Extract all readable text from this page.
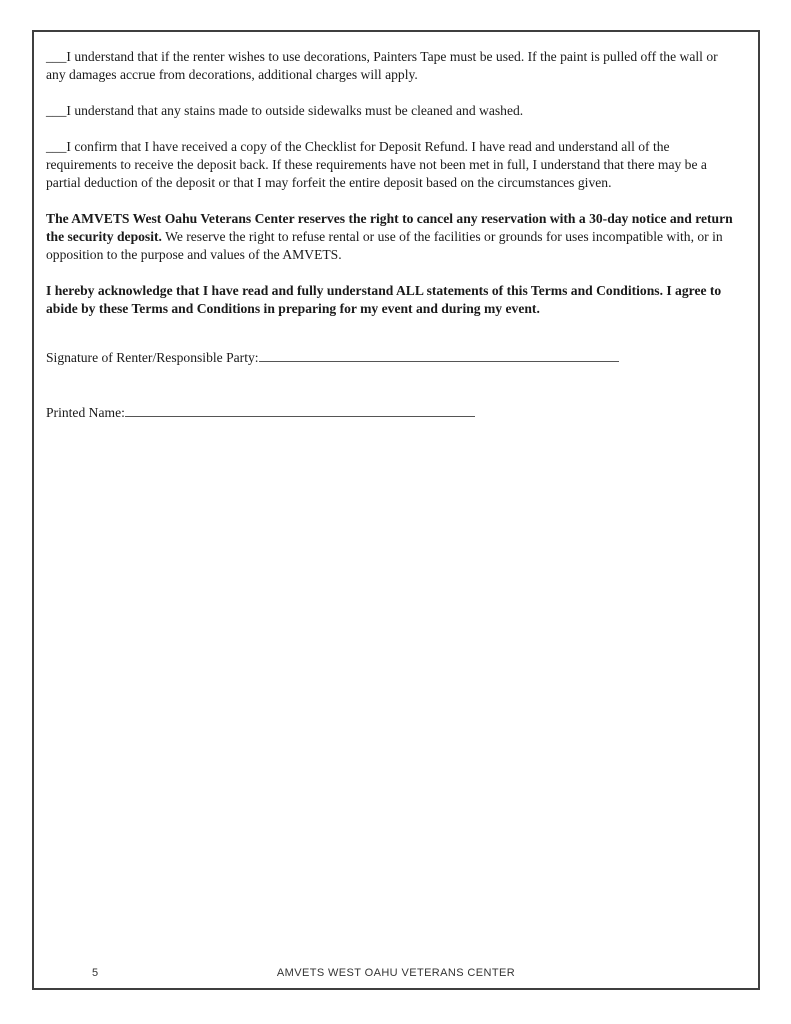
___I understand that if the renter wishes to use decorations, Painters Tape must be used. If the paint is pulled off the wall or any damages accrue from decorations, additional charges will apply.

___I understand that any stains made to outside sidewalks must be cleaned and washed.

___I confirm that I have received a copy of the Checklist for Deposit Refund. I have read and understand all of the requirements to receive the deposit back. If these requirements have not been met in full, I understand that there may be a partial deduction of the deposit or that I may forfeit the entire deposit based on the circumstances given.

The AMVETS West Oahu Veterans Center reserves the right to cancel any reservation with a 30-day notice and return the security deposit. We reserve the right to refuse rental or use of the facilities or grounds for uses incompatible with, or in opposition to the purpose and values of the AMVETS.

I hereby acknowledge that I have read and fully understand ALL statements of this Terms and Conditions. I agree to abide by these Terms and Conditions in preparing for my event and during my event.

Signature of Renter/Responsible Party:
Printed Name:
5	AMVETS WEST OAHU VETERANS CENTER
